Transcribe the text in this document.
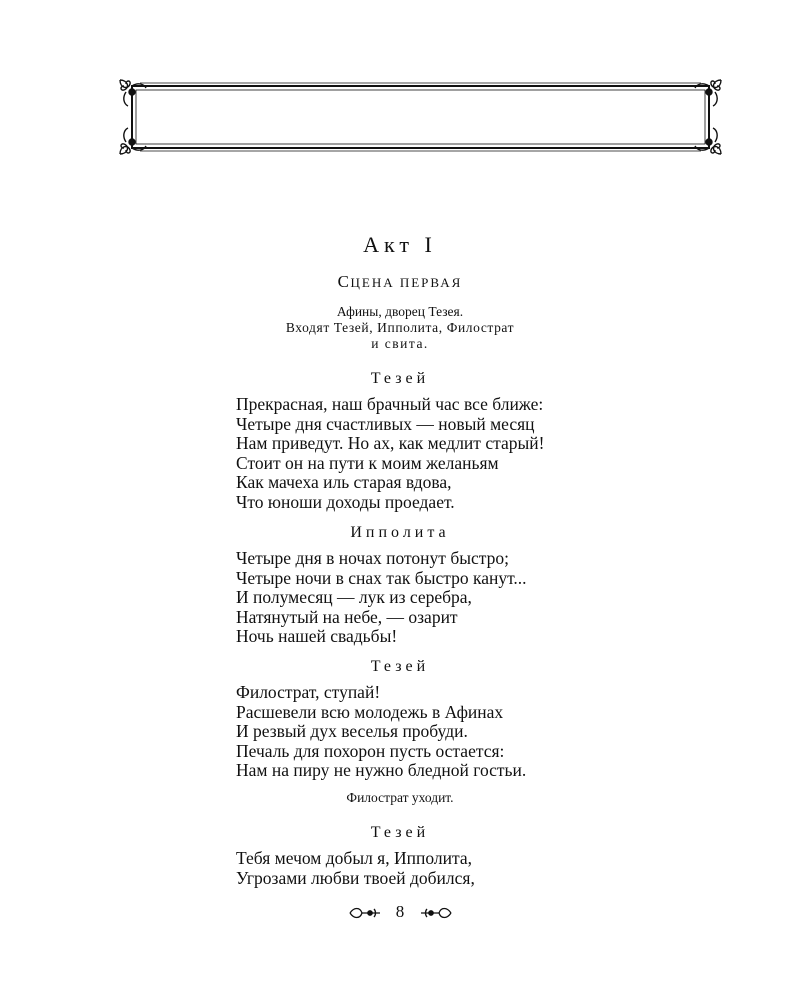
Акт I
СЦЕНА ПЕРВАЯ
Афины, дворец Тезея.
Входят Тезей, Ипполита, Филострат
и свита.
Тезей
Прекрасная, наш брачный час все ближе:
Четыре дня счастливых — новый месяц
Нам приведут. Но ах, как медлит старый!
Стоит он на пути к моим желаньям
Как мачеха иль старая вдова,
Что юноши доходы проедает.
Ипполита
Четыре дня в ночах потонут быстро;
Четыре ночи в снах так быстро канут...
И полумесяц — лук из серебра,
Натянутый на небе, — озарит
Ночь нашей свадьбы!
Тезей
Филострат, ступай!
Расшевели всю молодежь в Афинах
И резвый дух веселья пробуди.
Печаль для похорон пусть остается:
Нам на пиру не нужно бледной гостьи.
Филострат уходит.
Тезей
Тебя мечом добыл я, Ипполита,
Угрозами любви твоей добился,
8
